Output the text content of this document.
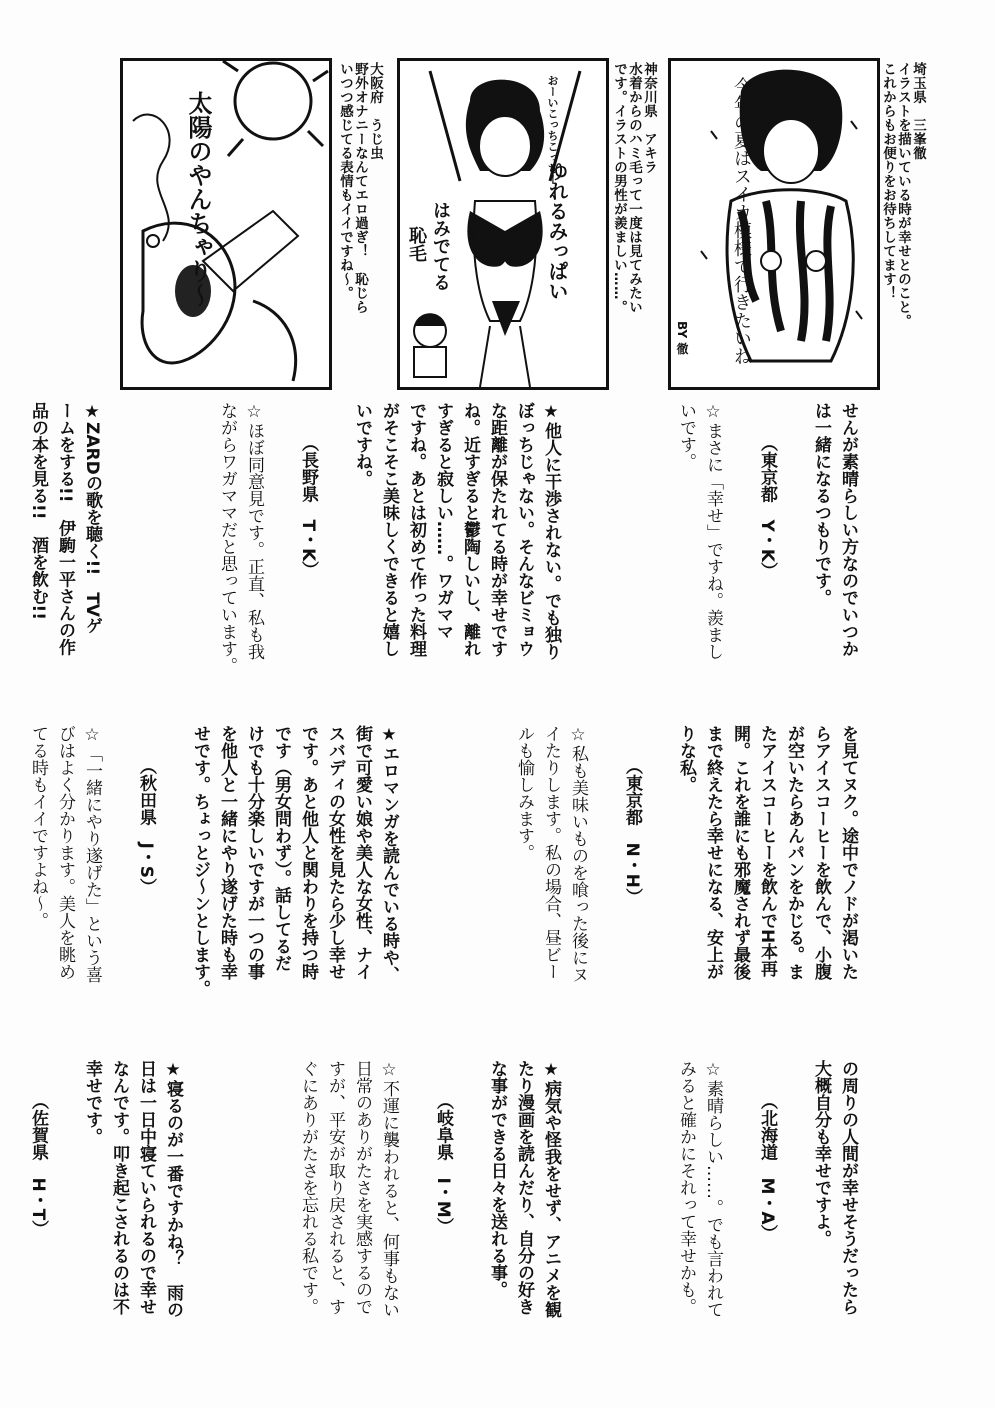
太陽のやんちゃり～
大阪府　うじ虫
野外オナニーなんてエロ過ぎ！　恥じら
いつつ感じてる表情もイイですね～。	おーいこっちこっちー
ゆれるみっぱい
はみでてる
恥毛
神奈川県　アキラ
水着からのハミ毛って一度は見てみたい
です。イラストの男性が羨ましい……。	今年の夏はスイカ模様で行きたいね
BY 徹
埼玉県　三峯徹
イラストを描いている時が幸せとのこと。
これからもお便りをお待ちしてます！

せんが素晴らしい方なのでいつか
は一緒になるつもりです。

（東京都　Y・K）

☆まさに「幸せ」ですね。羨まし
いです。

★他人に干渉されない。でも独り
ぼっちじゃない。そんなビミョウ
な距離が保たれてる時が幸せです
ね。近すぎると鬱陶しいし、離れ
すぎると寂しい……。ワガママ
ですね。あとは初めて作った料理
がそこそこ美味しくできると嬉し
いですね。

（長野県　T・K）

☆ほぼ同意見です。正直、私も我
ながらワガママだと思っています。

★ZARDの歌を聴く!!　TVゲ
ームをする!!　伊駒一平さんの作
品の本を見る!!　酒を飲む!!

を見てヌク。途中でノドが渇いた
らアイスコーヒーを飲んで、小腹
が空いたらあんパンをかじる。ま
たアイスコーヒーを飲んでH本再
開。これを誰にも邪魔されず最後
まで終えたら幸せになる、安上が
りな私。

（東京都　N・H）

☆私も美味いものを喰った後にヌ
イたりします。私の場合、昼ビー
ルも愉しみます。

★エロマンガを読んでいる時や、
街で可愛い娘や美人な女性、ナイ
スバディの女性を見たら少し幸せ
です。あと他人と関わりを持つ時
です（男女問わず）。話してるだ
けでも十分楽しいですが一つの事
を他人と一緒にやり遂げた時も幸
せです。ちょっとジ～ンとします。

（秋田県　J・S）

☆「一緒にやり遂げた」という喜
びはよく分かります。美人を眺め
てる時もイイですよね～。

の周りの人間が幸せそうだったら
大概自分も幸せですよ。

（北海道　M・A）

☆素晴らしい……。でも言われて
みると確かにそれって幸せかも。

★病気や怪我をせず、アニメを観
たり漫画を読んだり、自分の好き
な事ができる日々を送れる事。

（岐阜県　I・M）

☆不運に襲われると、何事もない
日常のありがたさを実感するので
すが、平安が取り戻されると、す
ぐにありがたさを忘れる私です。

★寝るのが一番ですかね？　雨の
日は一日中寝ていられるので幸せ
なんです。叩き起こされるのは不
幸せです。

（佐賀県　H・T）
